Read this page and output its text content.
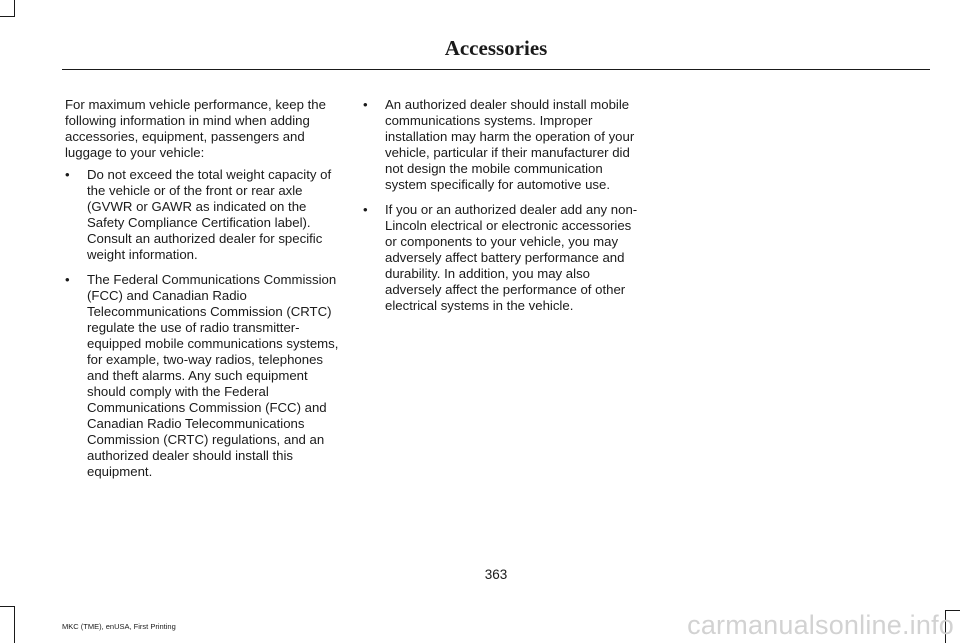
Accessories

For maximum vehicle performance, keep the following information in mind when adding accessories, equipment, passengers and luggage to your vehicle:

• Do not exceed the total weight capacity of the vehicle or of the front or rear axle (GVWR or GAWR as indicated on the Safety Compliance Certification label). Consult an authorized dealer for specific weight information.
• The Federal Communications Commission (FCC) and Canadian Radio Telecommunications Commission (CRTC) regulate the use of radio transmitter-equipped mobile communications systems, for example, two-way radios, telephones and theft alarms. Any such equipment should comply with the Federal Communications Commission (FCC) and Canadian Radio Telecommunications Commission (CRTC) regulations, and an authorized dealer should install this equipment.
• An authorized dealer should install mobile communications systems. Improper installation may harm the operation of your vehicle, particular if their manufacturer did not design the mobile communication system specifically for automotive use.
• If you or an authorized dealer add any non-Lincoln electrical or electronic accessories or components to your vehicle, you may adversely affect battery performance and durability. In addition, you may also adversely affect the performance of other electrical systems in the vehicle.
363
MKC (TME), enUSA, First Printing	carmanualsonline.info
